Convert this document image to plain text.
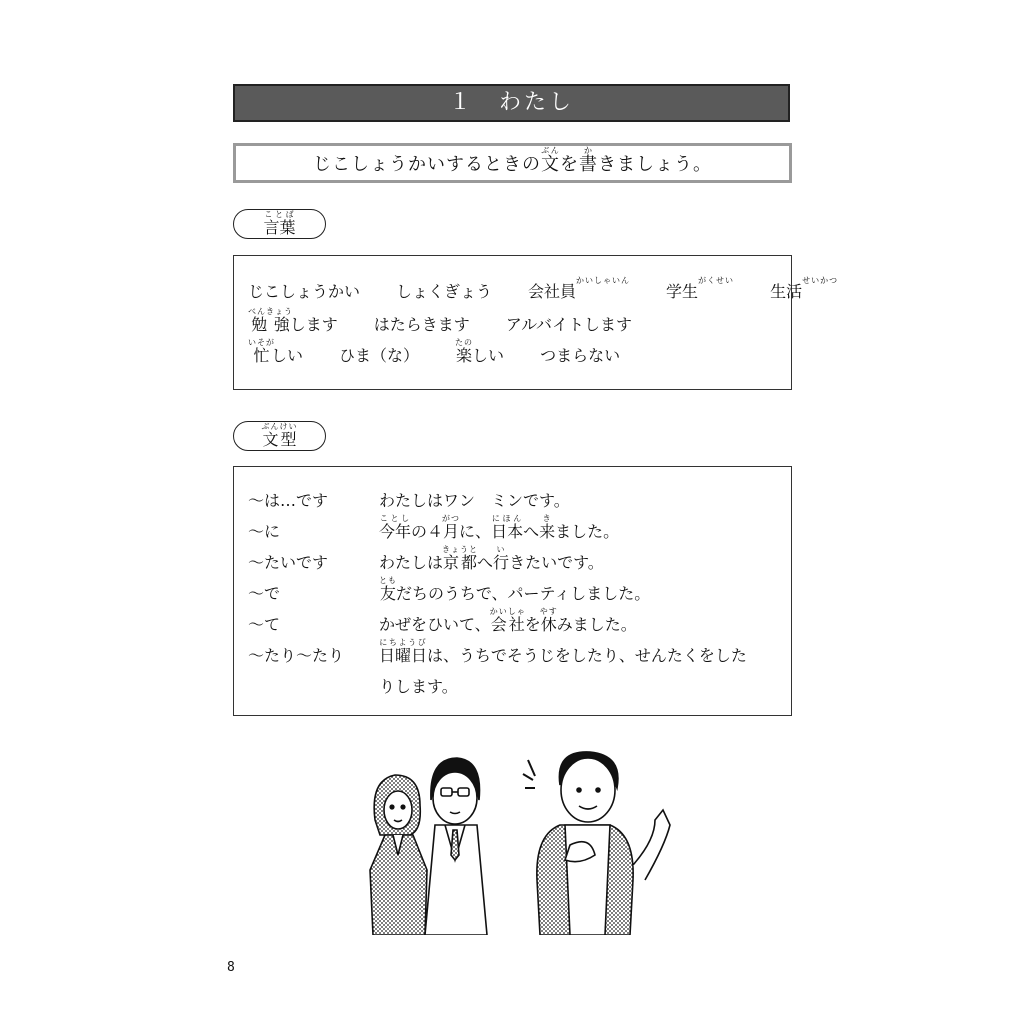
１　わたし
じこしょうかいするときの文ぶんを書かきましょう。
言葉ことば
じこしょうかい しょくぎょう 会社員かいしゃいん学生がくせい生活せいかつ
勉強べんきょうします はたらきます アルバイトします
忙いそがしい ひま（な） 楽たのしい つまらない
文型ぶんけい
〜は…です	わたしはワン　ミンです。
〜に	今年ことしの４月がつに、日本にほんへ来きました。
〜たいです	わたしは京都きょうとへ行いきたいです。
〜で	友ともだちのうちで、パーティしました。
〜て	かぜをひいて、会社かいしゃを休やすみました。
〜たり〜たり 日曜日にちようびは、うちでそうじをしたり、せんたくをした
りします。
8
